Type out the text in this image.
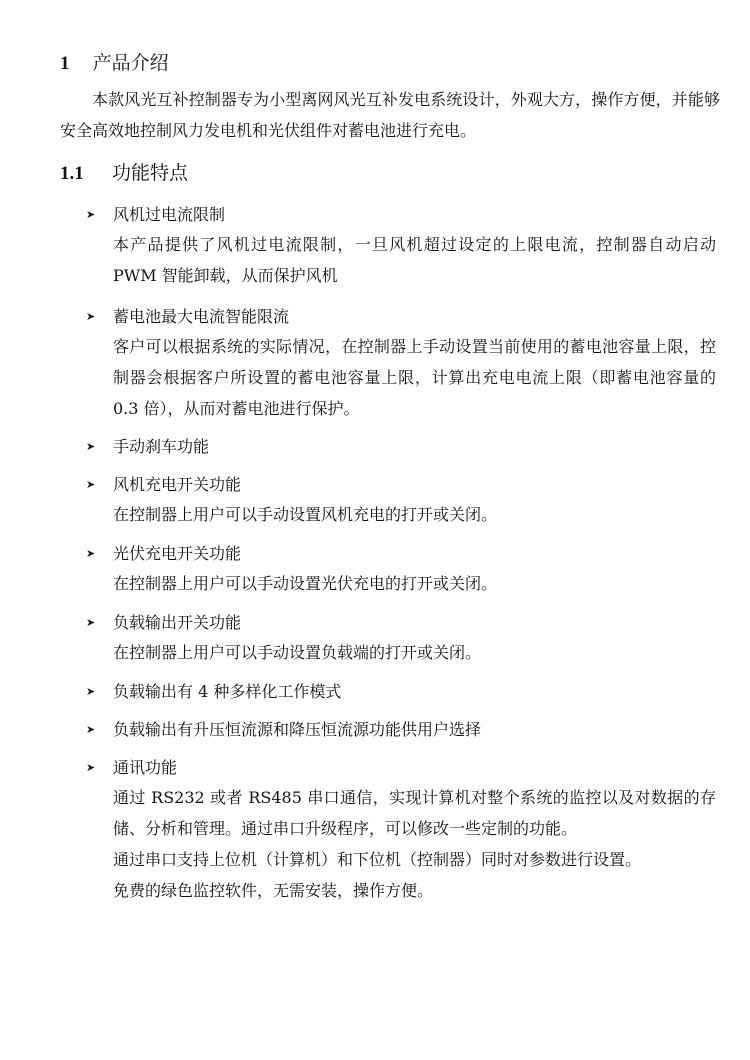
1 产品介绍
本款风光互补控制器专为小型离网风光互补发电系统设计，外观大方，操作方便，并能够安全高效地控制风力发电机和光伏组件对蓄电池进行充电。
1.1 功能特点
➤	风机过电流限制

本产品提供了风机过电流限制，一旦风机超过设定的上限电流，控制器自动启动 PWM 智能卸载，从而保护风机

➤	蓄电池最大电流智能限流

客户可以根据系统的实际情况，在控制器上手动设置当前使用的蓄电池容量上限，控制器会根据客户所设置的蓄电池容量上限，计算出充电电流上限（即蓄电池容量的 0.3 倍），从而对蓄电池进行保护。

➤	手动刹车功能
➤	风机充电开关功能

在控制器上用户可以手动设置风机充电的打开或关闭。

➤	光伏充电开关功能

在控制器上用户可以手动设置光伏充电的打开或关闭。

➤	负载输出开关功能

在控制器上用户可以手动设置负载端的打开或关闭。

➤	负载输出有 4 种多样化工作模式
➤	负载输出有升压恒流源和降压恒流源功能供用户选择
➤	通讯功能

通过 RS232 或者 RS485 串口通信，实现计算机对整个系统的监控以及对数据的存储、分析和管理。通过串口升级程序，可以修改一些定制的功能。

通过串口支持上位机（计算机）和下位机（控制器）同时对参数进行设置。

免费的绿色监控软件，无需安装，操作方便。
